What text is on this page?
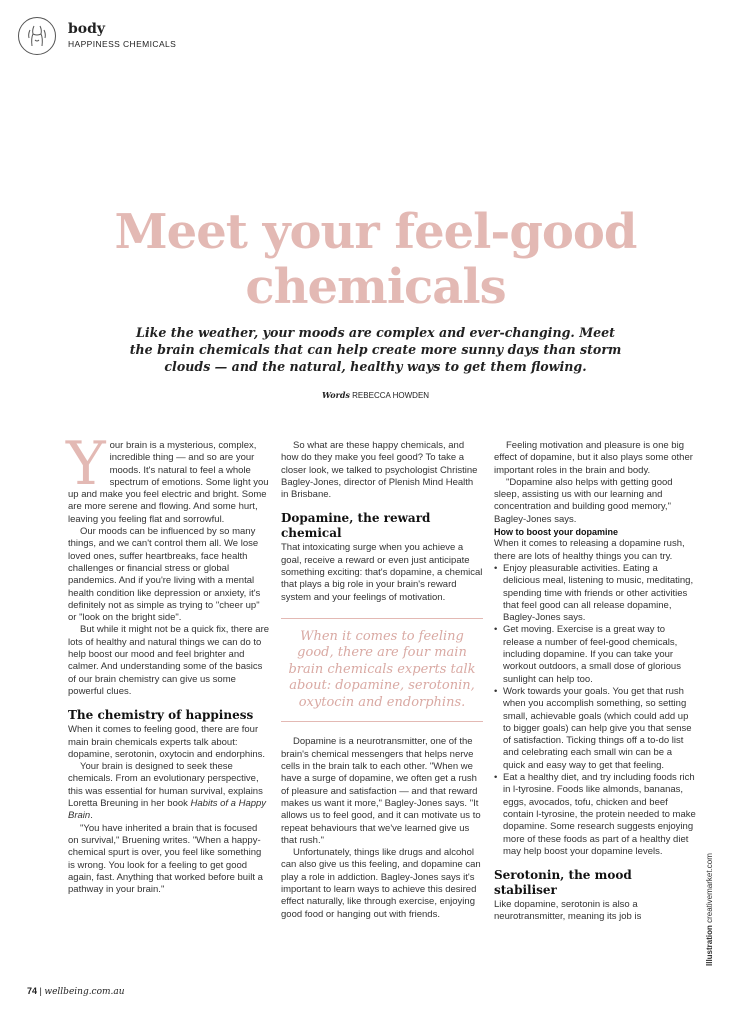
body
HAPPINESS CHEMICALS
Meet your feel-good
chemicals
Like the weather, your moods are complex and ever-changing. Meet the brain chemicals that can help create more sunny days than storm clouds — and the natural, healthy ways to get them flowing.
Words REBECCA HOWDEN

Your brain is a mysterious, complex, incredible thing — and so are your moods. It's natural to feel a whole spectrum of emotions. Some light you up and make you feel electric and bright. Some are more serene and flowing. And some hurt, leaving you feeling flat and sorrowful.

Our moods can be influenced by so many things, and we can't control them all. We lose loved ones, suffer heartbreaks, face health challenges or financial stress or global pandemics. And if you're living with a mental health condition like depression or anxiety, it's definitely not as simple as trying to "cheer up" or "look on the bright side".

But while it might not be a quick fix, there are lots of healthy and natural things we can do to help boost our mood and feel brighter and calmer. And understanding some of the basics of our brain chemistry can give us some powerful clues.

The chemistry of happiness

When it comes to feeling good, there are four main brain chemicals experts talk about: dopamine, serotonin, oxytocin and endorphins.

Your brain is designed to seek these chemicals. From an evolutionary perspective, this was essential for human survival, explains Loretta Breuning in her book Habits of a Happy Brain.

"You have inherited a brain that is focused on survival," Bruening writes. "When a happy-chemical spurt is over, you feel like something is wrong. You look for a feeling to get good again, fast. Anything that worked before built a pathway in your brain."

So what are these happy chemicals, and how do they make you feel good? To take a closer look, we talked to psychologist Christine Bagley-Jones, director of Plenish Mind Health in Brisbane.

Dopamine, the reward chemical

That intoxicating surge when you achieve a goal, receive a reward or even just anticipate something exciting: that's dopamine, a chemical that plays a big role in your brain's reward system and your feelings of motivation.

When it comes to feeling good, there are four main brain chemicals experts talk about: dopamine, serotonin, oxytocin and endorphins.

Dopamine is a neurotransmitter, one of the brain's chemical messengers that helps nerve cells in the brain talk to each other. "When we have a surge of dopamine, we often get a rush of pleasure and satisfaction — and that reward makes us want it more," Bagley-Jones says. "It allows us to feel good, and it can motivate us to repeat behaviours that we've learned give us that rush."

Unfortunately, things like drugs and alcohol can also give us this feeling, and dopamine can play a role in addiction. Bagley-Jones says it's important to learn ways to achieve this desired effect naturally, like through exercise, enjoying good food or hanging out with friends.

Feeling motivation and pleasure is one big effect of dopamine, but it also plays some other important roles in the brain and body.

"Dopamine also helps with getting good sleep, assisting us with our learning and concentration and building good memory," Bagley-Jones says.

How to boost your dopamine

When it comes to releasing a dopamine rush, there are lots of healthy things you can try.

• Enjoy pleasurable activities. Eating a delicious meal, listening to music, meditating, spending time with friends or other activities that feel good can all release dopamine, Bagley-Jones says.
• Get moving. Exercise is a great way to release a number of feel-good chemicals, including dopamine. If you can take your workout outdoors, a small dose of glorious sunlight can help too.
• Work towards your goals. You get that rush when you accomplish something, so setting small, achievable goals (which could add up to bigger goals) can help give you that sense of satisfaction. Ticking things off a to-do list and celebrating each small win can be a quick and easy way to get that feeling.
• Eat a healthy diet, and try including foods rich in l-tyrosine. Foods like almonds, bananas, eggs, avocados, tofu, chicken and beef contain l-tyrosine, the protein needed to make dopamine. Some research suggests enjoying more of these foods as part of a healthy diet may help boost your dopamine levels.
Serotonin, the mood stabiliser

Like dopamine, serotonin is also a neurotransmitter, meaning its job is

Illustration creativemarket.com
74 | wellbeing.com.au
